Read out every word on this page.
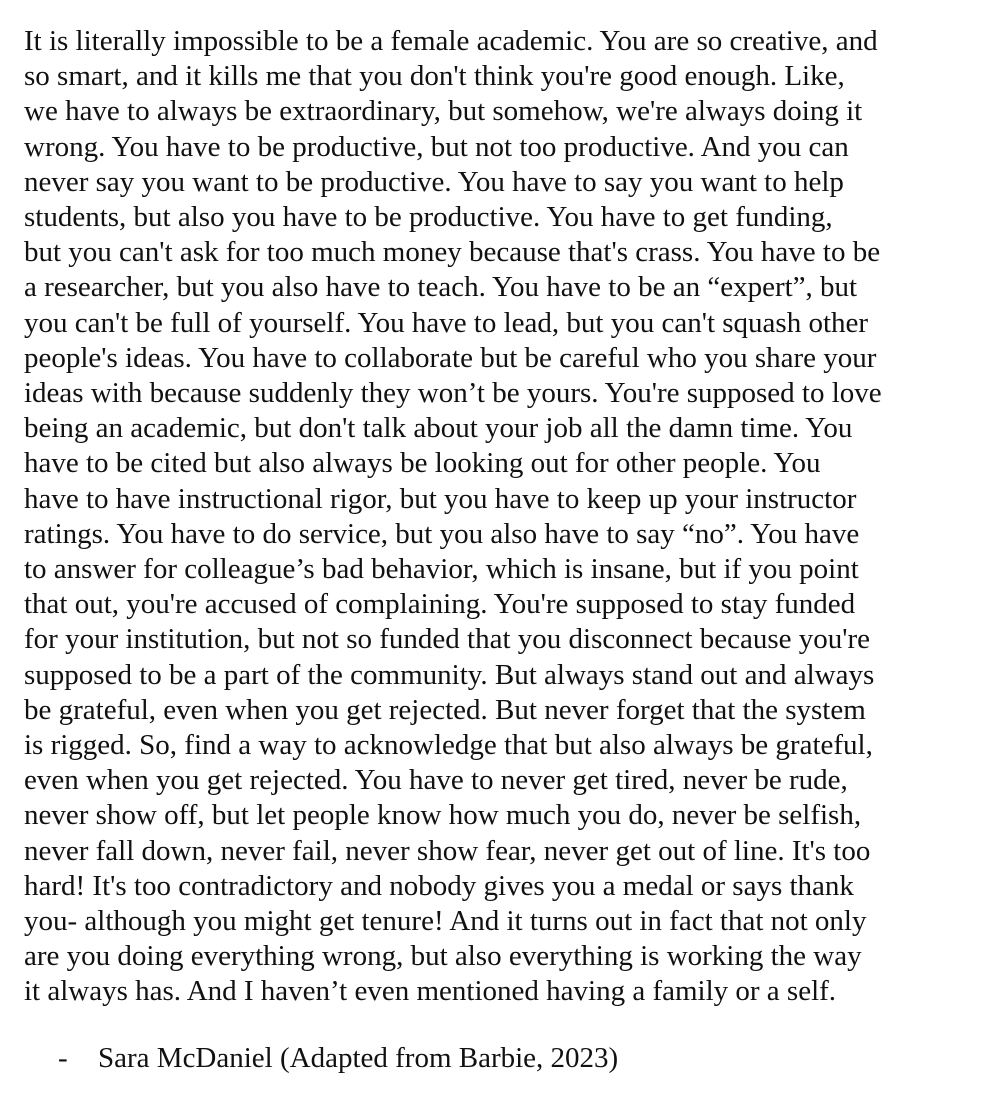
It is literally impossible to be a female academic. You are so creative, and
so smart, and it kills me that you don't think you're good enough. Like,
we have to always be extraordinary, but somehow, we're always doing it
wrong. You have to be productive, but not too productive. And you can
never say you want to be productive. You have to say you want to help
students, but also you have to be productive. You have to get funding,
but you can't ask for too much money because that's crass. You have to be
a researcher, but you also have to teach. You have to be an “expert”, but
you can't be full of yourself. You have to lead, but you can't squash other
people's ideas. You have to collaborate but be careful who you share your
ideas with because suddenly they won’t be yours. You're supposed to love
being an academic, but don't talk about your job all the damn time. You
have to be cited but also always be looking out for other people. You
have to have instructional rigor, but you have to keep up your instructor
ratings. You have to do service, but you also have to say “no”. You have
to answer for colleague’s bad behavior, which is insane, but if you point
that out, you're accused of complaining. You're supposed to stay funded
for your institution, but not so funded that you disconnect because you're
supposed to be a part of the community. But always stand out and always
be grateful, even when you get rejected. But never forget that the system
is rigged. So, find a way to acknowledge that but also always be grateful,
even when you get rejected. You have to never get tired, never be rude,
never show off, but let people know how much you do, never be selfish,
never fall down, never fail, never show fear, never get out of line. It's too
hard! It's too contradictory and nobody gives you a medal or says thank
you- although you might get tenure! And it turns out in fact that not only
are you doing everything wrong, but also everything is working the way
it always has. And I haven’t even mentioned having a family or a self.

- Sara McDaniel (Adapted from Barbie, 2023)
